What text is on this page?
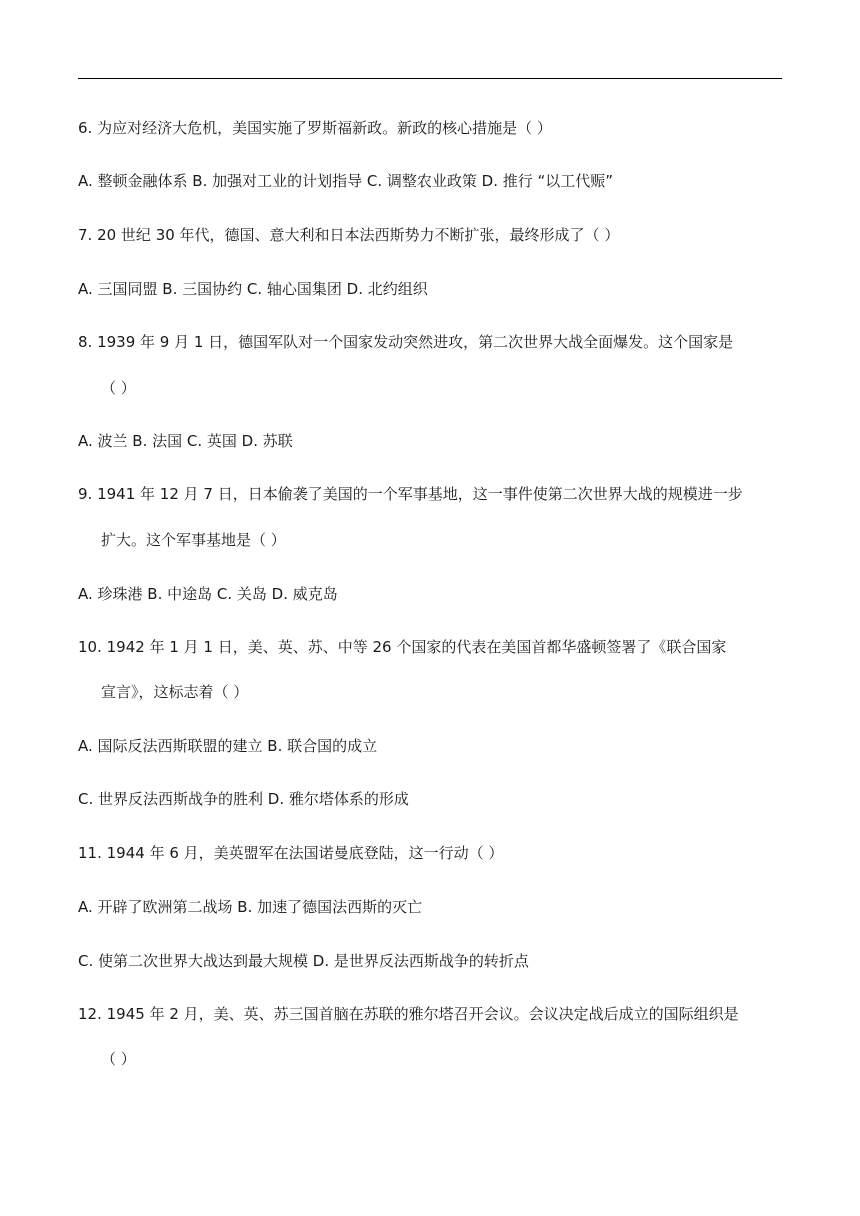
6. 为应对经济大危机，美国实施了罗斯福新政。新政的核心措施是（ ）
A. 整顿金融体系 B. 加强对工业的计划指导 C. 调整农业政策 D. 推行 “以工代赈”
7. 20 世纪 30 年代，德国、意大利和日本法西斯势力不断扩张，最终形成了（ ）
A. 三国同盟 B. 三国协约 C. 轴心国集团 D. 北约组织
8. 1939 年 9 月 1 日，德国军队对一个国家发动突然进攻，第二次世界大战全面爆发。这个国家是
（ ）
A. 波兰 B. 法国 C. 英国 D. 苏联
9. 1941 年 12 月 7 日，日本偷袭了美国的一个军事基地，这一事件使第二次世界大战的规模进一步
扩大。这个军事基地是（ ）
A. 珍珠港 B. 中途岛 C. 关岛 D. 威克岛
10. 1942 年 1 月 1 日，美、英、苏、中等 26 个国家的代表在美国首都华盛顿签署了《联合国家
宣言》，这标志着（ ）
A. 国际反法西斯联盟的建立 B. 联合国的成立
C. 世界反法西斯战争的胜利 D. 雅尔塔体系的形成
11. 1944 年 6 月，美英盟军在法国诺曼底登陆，这一行动（ ）
A. 开辟了欧洲第二战场 B. 加速了德国法西斯的灭亡
C. 使第二次世界大战达到最大规模 D. 是世界反法西斯战争的转折点
12. 1945 年 2 月，美、英、苏三国首脑在苏联的雅尔塔召开会议。会议决定战后成立的国际组织是
（ ）
